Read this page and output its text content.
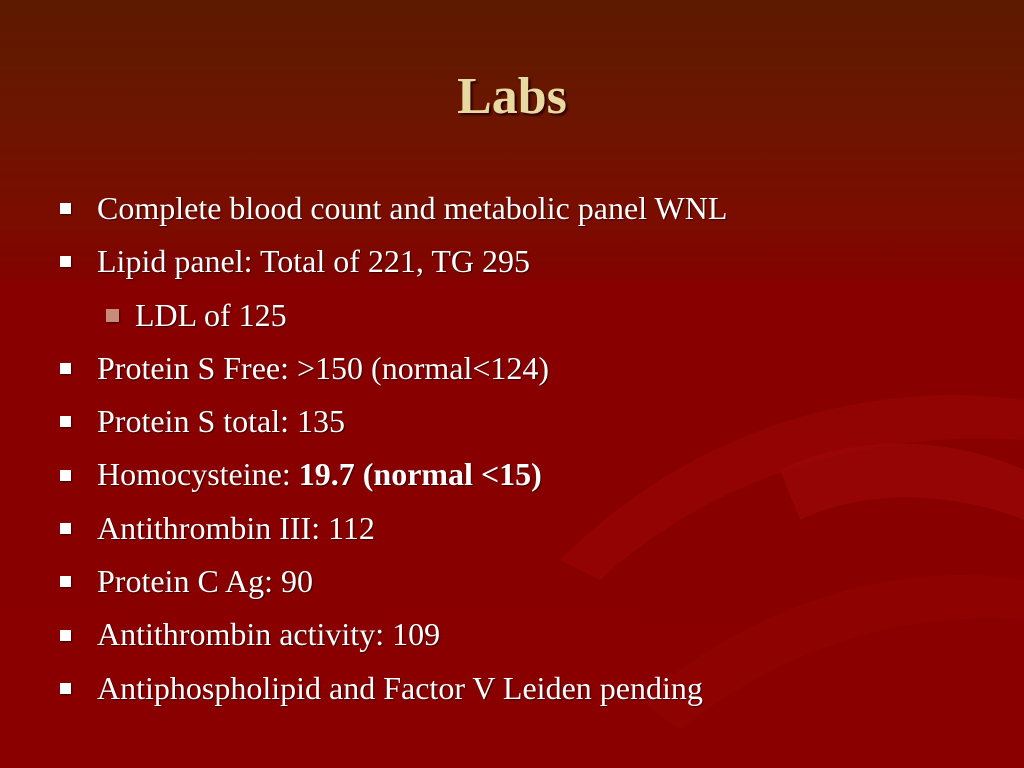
Labs
Complete blood count and metabolic panel WNL
Lipid panel: Total of 221, TG 295
LDL of 125
Protein S Free: >150 (normal<124)
Protein S total: 135
Homocysteine: 19.7 (normal <15)
Antithrombin III: 112
Protein C Ag: 90
Antithrombin activity: 109
Antiphospholipid and Factor V Leiden pending
